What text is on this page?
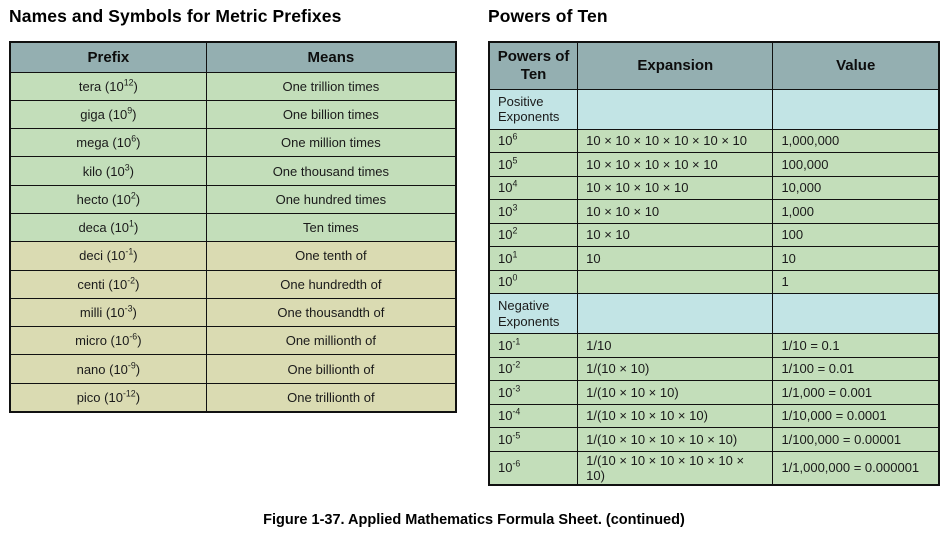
Names and Symbols for Metric Prefixes
Prefix	Means
tera $(10^{12})$	One trillion times
giga $(10^9)$	One billion times
mega $(10^6)$	One million times
kilo $(10^3)$	One thousand times
hecto $(10^2)$	One hundred times
deca $(10^1)$	Ten times
deci $(10^{-1})$	One tenth of
centi $(10^{-2})$	One hundredth of
milli $(10^{-3})$	One thousandth of
micro $(10^{-6})$	One millionth of
nano $(10^{-9})$	One billionth of
pico $(10^{-12})$	One trillionth of
Powers of Ten
Powers of Ten	Expansion	Value
Positive Exponents		
$10^6$	10 × 10 × 10 × 10 × 10 × 10	1,000,000
$10^5$	10 × 10 × 10 × 10 × 10	100,000
$10^4$	10 × 10 × 10 × 10	10,000
$10^3$	10 × 10 × 10	1,000
$10^2$	10 × 10	100
$10^1$	10	10
$10^0$		1
Negative Exponents		
$10^{-1}$	1/10	1/10 = 0.1
$10^{-2}$	1/(10 × 10)	1/100 = 0.01
$10^{-3}$	1/(10 × 10 × 10)	1/1,000 = 0.001
$10^{-4}$	1/(10 × 10 × 10 × 10)	1/10,000 = 0.0001
$10^{-5}$	1/(10 × 10 × 10 × 10 × 10)	1/100,000 = 0.00001
$10^{-6}$	1/(10 × 10 × 10 × 10 × 10 × 10)	1/1,000,000 = 0.000001

Figure 1-37. Applied Mathematics Formula Sheet. (continued)
